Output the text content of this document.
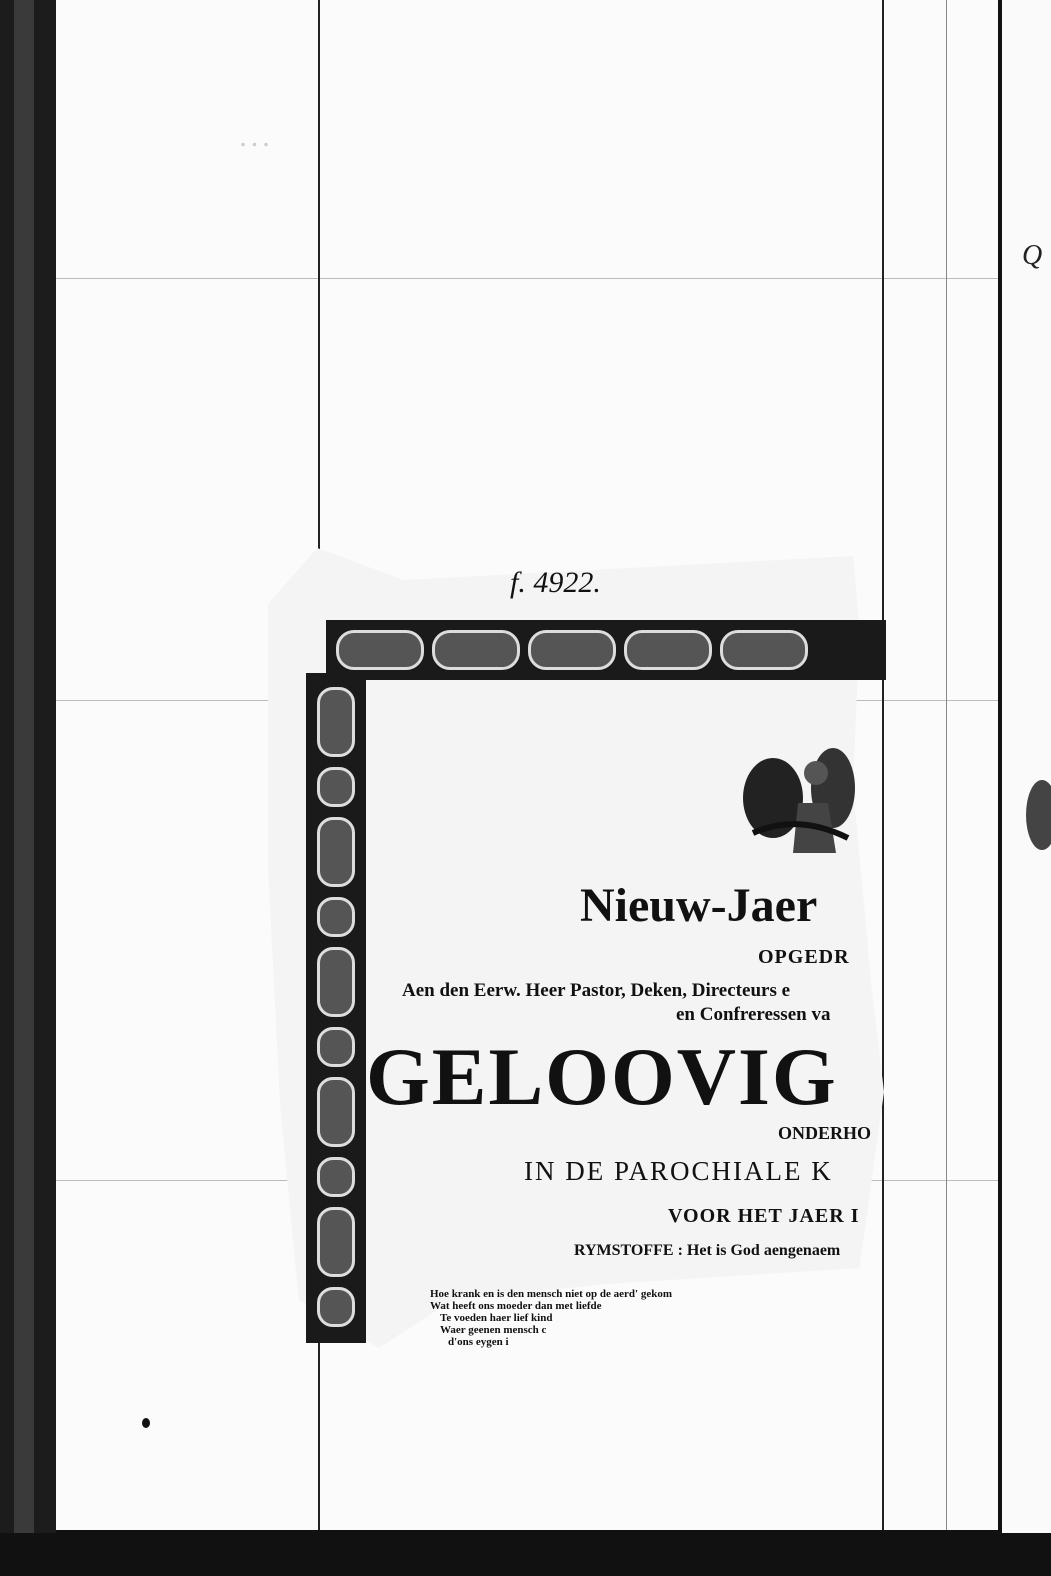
...
Q
f. 4922.
Nieuw-Jaer
OPGEDR
Aen den Eerw. Heer Pastor, Deken, Directeurs e
en Confreressen va
GELOOVIG
ONDERHO
IN DE PAROCHIALE K
VOOR HET JAER I
RYMSTOFFE : Het is God aengenaem
Hoe krank en is den mensch niet op de aerd' gekom
Wat heeft ons moeder dan met liefde
Te voeden haer lief kind
Waer geenen mensch c
d'ons eygen i
